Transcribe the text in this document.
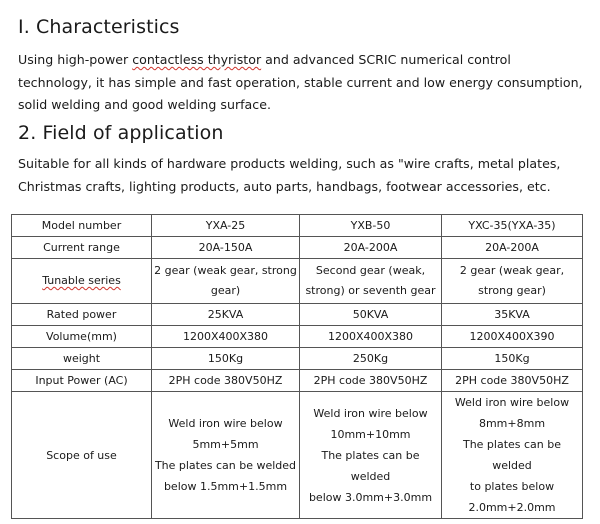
I. Characteristics

Using high-power contactless thyristor and advanced SCRIC numerical control technology, it has simple and fast operation, stable current and low energy consumption, solid welding and good welding surface.

2. Field of application

Suitable for all kinds of hardware products welding, such as "wire crafts, metal plates, Christmas crafts, lighting products, auto parts, handbags, footwear accessories, etc.

Model number	YXA-25	YXB-50	YXC-35(YXA-35)
Current range	20A-150A	20A-200A	20A-200A
Tunable series	2 gear (weak gear, strong gear)	Second gear (weak, strong) or seventh gear	2 gear (weak gear, strong gear)
Rated power	25KVA	50KVA	35KVA
Volume(mm)	1200X400X380	1200X400X380	1200X400X390
weight	150Kg	250Kg	150Kg
Input Power (AC)	2PH code 380V50HZ	2PH code 380V50HZ	2PH code 380V50HZ
Scope of use	Weld iron wire below
5mm+5mm
The plates can be welded
below 1.5mm+1.5mm	Weld iron wire below
10mm+10mm
The plates can be welded
below 3.0mm+3.0mm	Weld iron wire below
8mm+8mm
The plates can be welded
to plates below
2.0mm+2.0mm
